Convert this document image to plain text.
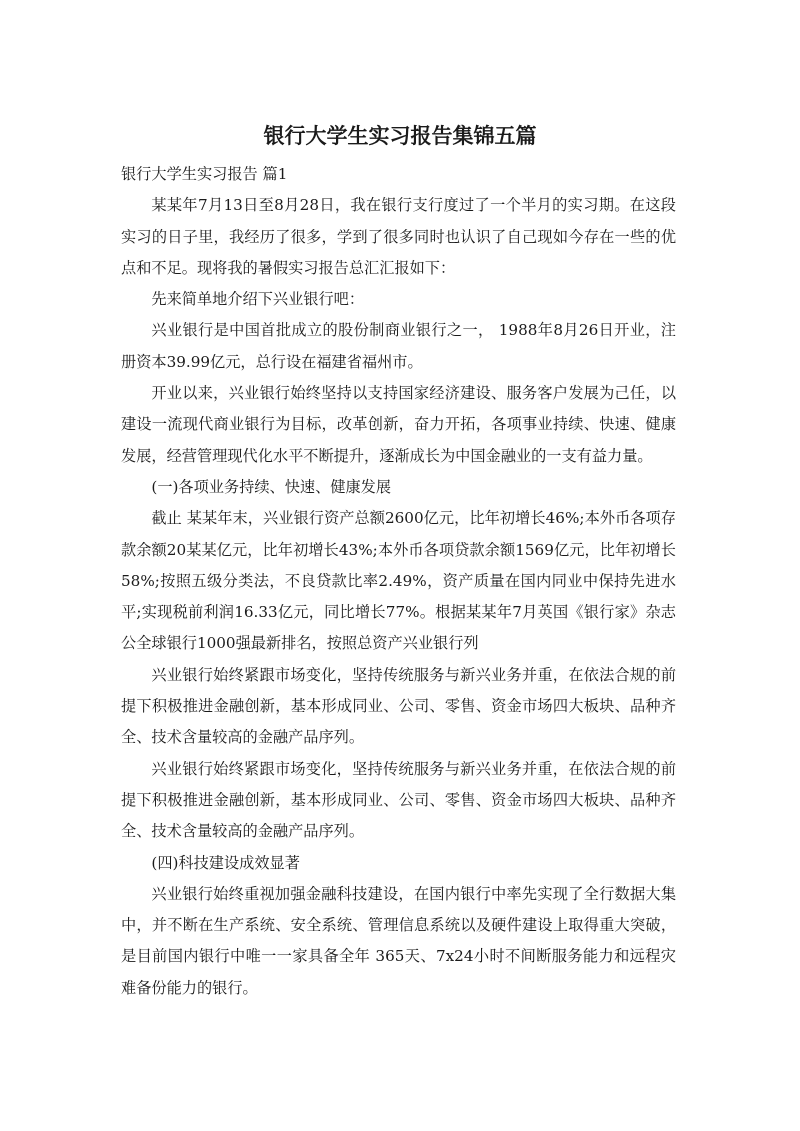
银行大学生实习报告集锦五篇

银行大学生实习报告 篇1

某某年7月13日至8月28日，我在银行支行度过了一个半月的实习期。在这段实习的日子里，我经历了很多，学到了很多同时也认识了自己现如今存在一些的优点和不足。现将我的暑假实习报告总汇汇报如下：

先来简单地介绍下兴业银行吧：

兴业银行是中国首批成立的股份制商业银行之一， 1988年8月26日开业，注册资本39.99亿元，总行设在福建省福州市。

开业以来，兴业银行始终坚持以支持国家经济建设、服务客户发展为己任，以建设一流现代商业银行为目标，改革创新，奋力开拓，各项事业持续、快速、健康发展，经营管理现代化水平不断提升，逐渐成长为中国金融业的一支有益力量。

(一)各项业务持续、快速、健康发展

截止 某某年末，兴业银行资产总额2600亿元，比年初增长46%;本外币各项存款余额20某某亿元，比年初增长43%;本外币各项贷款余额1569亿元，比年初增长58%;按照五级分类法，不良贷款比率2.49%，资产质量在国内同业中保持先进水平;实现税前利润16.33亿元，同比增长77%。根据某某年7月英国《银行家》杂志公全球银行1000强最新排名，按照总资产兴业银行列

兴业银行始终紧跟市场变化，坚持传统服务与新兴业务并重，在依法合规的前提下积极推进金融创新，基本形成同业、公司、零售、资金市场四大板块、品种齐全、技术含量较高的金融产品序列。

兴业银行始终紧跟市场变化，坚持传统服务与新兴业务并重，在依法合规的前提下积极推进金融创新，基本形成同业、公司、零售、资金市场四大板块、品种齐全、技术含量较高的金融产品序列。

(四)科技建设成效显著

兴业银行始终重视加强金融科技建设，在国内银行中率先实现了全行数据大集中，并不断在生产系统、安全系统、管理信息系统以及硬件建设上取得重大突破，是目前国内银行中唯一一家具备全年 365天、7x24小时不间断服务能力和远程灾难备份能力的银行。
